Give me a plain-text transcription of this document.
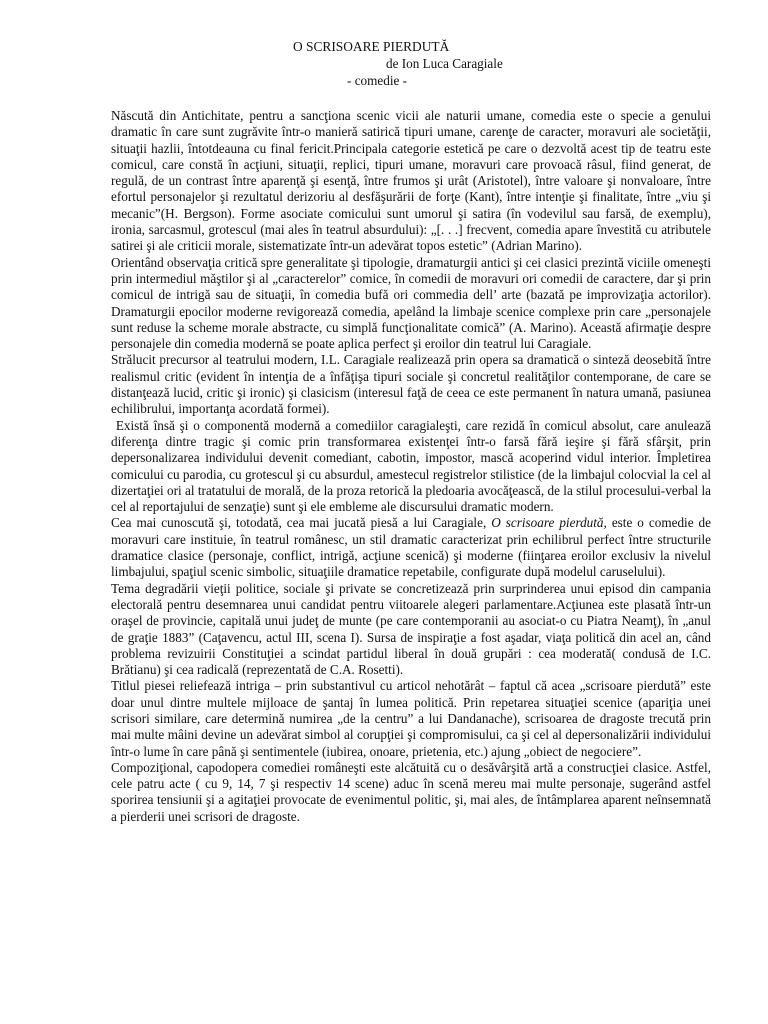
O SCRISOARE PIERDUTĂ
de Ion Luca Caragiale
- comedie -

Născută din Antichitate, pentru a sancţiona scenic vicii ale naturii umane, comedia este o specie a genului dramatic în care sunt zugrăvite într-o manieră satirică tipuri umane, carenţe de caracter, moravuri ale societăţii, situaţii hazlii, întotdeauna cu final fericit.Principala categorie estetică pe care o dezvoltă acest tip de teatru este comicul, care constă în acţiuni, situaţii, replici, tipuri umane, moravuri care provoacă râsul, fiind generat, de regulă, de un contrast între aparenţă şi esenţă, între frumos şi urât (Aristotel), între valoare şi nonvaloare, între efortul personajelor şi rezultatul derizoriu al desfăşurării de forţe (Kant), între intenţie şi finalitate, între „viu şi mecanic”(H. Bergson). Forme asociate comicului sunt umorul şi satira (în vodevilul sau farsă, de exemplu), ironia, sarcasmul, grotescul (mai ales în teatrul absurdului): „[. . .] frecvent, comedia apare învestită cu atributele satirei şi ale criticii morale, sistematizate într-un adevărat topos estetic” (Adrian Marino).

Orientând observaţia critică spre generalitate şi tipologie, dramaturgii antici şi cei clasici prezintă viciile omeneşti prin intermediul măştilor şi al „caracterelor” comice, în comedii de moravuri ori comedii de caractere, dar şi prin comicul de intrigă sau de situaţii, în comedia bufă ori commedia dell’ arte (bazată pe improvizaţia actorilor). Dramaturgii epocilor moderne revigorează comedia, apelând la limbaje scenice complexe prin care „personajele sunt reduse la scheme morale abstracte, cu simplă funcţionalitate comică” (A. Marino). Această afirmaţie despre personajele din comedia modernă se poate aplica perfect şi eroilor din teatrul lui Caragiale.

Strălucit precursor al teatrului modern, I.L. Caragiale realizează prin opera sa dramatică o sinteză deosebită între realismul critic (evident în intenţia de a înfăţişa tipuri sociale şi concretul realităţilor contemporane, de care se distanţează lucid, critic şi ironic) şi clasicism (interesul faţă de ceea ce este permanent în natura umană, pasiunea echilibrului, importanţa acordată formei).

Există însă şi o componentă modernă a comediilor caragialeşti, care rezidă în comicul absolut, care anulează diferenţa dintre tragic şi comic prin transformarea existenţei într-o farsă fără ieşire şi fără sfârşit, prin depersonalizarea individului devenit comediant, cabotin, impostor, mască acoperind vidul interior. Împletirea comicului cu parodia, cu grotescul şi cu absurdul, amestecul registrelor stilistice (de la limbajul colocvial la cel al dizertaţiei ori al tratatului de morală, de la proza retorică la pledoaria avocăţească, de la stilul procesului-verbal la cel al reportajului de senzaţie) sunt şi ele embleme ale discursului dramatic modern.

Cea mai cunoscută şi, totodată, cea mai jucată piesă a lui Caragiale, O scrisoare pierdută, este o comedie de moravuri care instituie, în teatrul românesc, un stil dramatic caracterizat prin echilibrul perfect între structurile dramatice clasice (personaje, conflict, intrigă, acţiune scenică) şi moderne (fiinţarea eroilor exclusiv la nivelul limbajului, spaţiul scenic simbolic, situaţiile dramatice repetabile, configurate după modelul caruselului).

Tema degradării vieţii politice, sociale şi private se concretizează prin surprinderea unui episod din campania electorală pentru desemnarea unui candidat pentru viitoarele alegeri parlamentare.Acţiunea este plasată într-un oraşel de provincie, capitală unui judeţ de munte (pe care contemporanii au asociat-o cu Piatra Neamţ), în „anul de graţie 1883” (Caţavencu, actul III, scena I). Sursa de inspiraţie a fost aşadar, viaţa politică din acel an, când problema revizuirii Constituţiei a scindat partidul liberal în două grupări : cea moderată( condusă de I.C. Brătianu) şi cea radicală (reprezentată de C.A. Rosetti).

Titlul piesei reliefează intriga – prin substantivul cu articol nehotărât – faptul că acea „scrisoare pierdută” este doar unul dintre multele mijloace de şantaj în lumea politică. Prin repetarea situaţiei scenice (apariţia unei scrisori similare, care determină numirea „de la centru” a lui Dandanache), scrisoarea de dragoste trecută prin mai multe mâini devine un adevărat simbol al corupţiei şi compromisului, ca şi cel al depersonalizării individului într-o lume în care până şi sentimentele (iubirea, onoare, prietenia, etc.) ajung „obiect de negociere”.

Compoziţional, capodopera comediei româneşti este alcătuită cu o desăvârşită artă a construcţiei clasice. Astfel, cele patru acte ( cu 9, 14, 7 şi respectiv 14 scene) aduc în scenă mereu mai multe personaje, sugerând astfel sporirea tensiunii şi a agitaţiei provocate de evenimentul politic, şi, mai ales, de întâmplarea aparent neînsemnată a pierderii unei scrisori de dragoste.
